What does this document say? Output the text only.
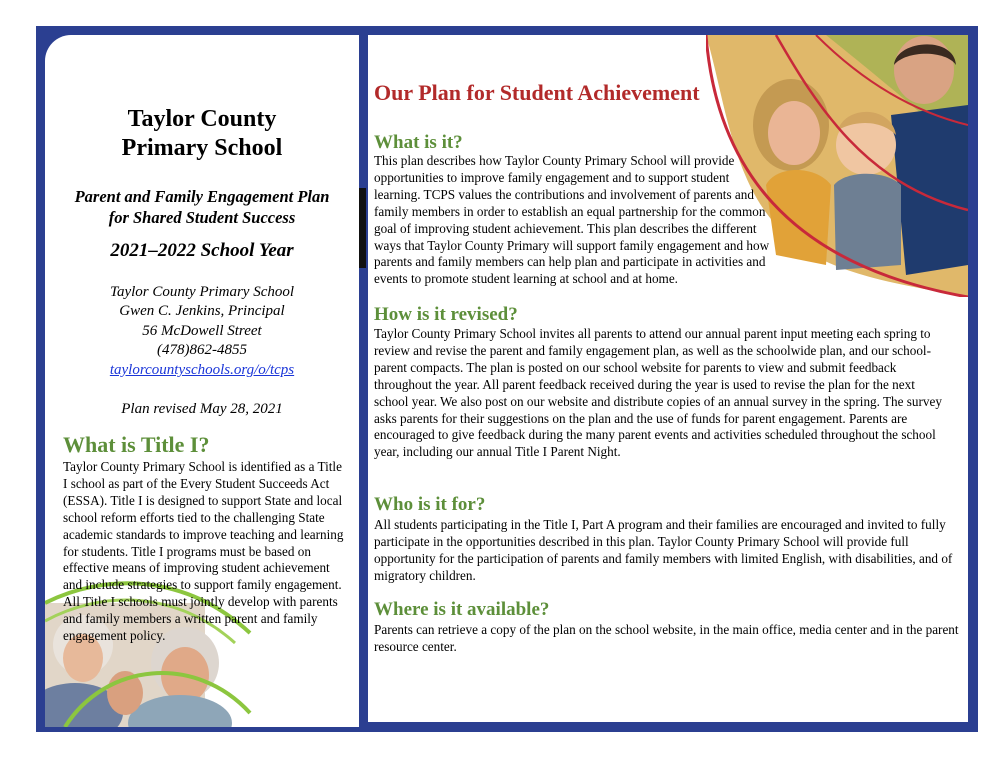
Taylor County
Primary School
Parent and Family Engagement Plan
for Shared Student Success
2021–2022 School Year
Taylor County Primary School
Gwen C. Jenkins, Principal
56 McDowell Street
(478)862-4855
taylorcountyschools.org/o/tcps
Plan revised May 28, 2021
What is Title I?
Taylor County Primary School is identified as a Title I school as part of the Every Student Succeeds Act (ESSA). Title I is designed to support State and local school reform efforts tied to the challenging State academic standards to improve teaching and learning for students. Title I programs must be based on effective means of improving student achievement and include strategies to support family engagement. All Title I schools must jointly develop with parents and family members a written parent and family engagement policy.
Our Plan for Student Achievement
What is it?
This plan describes how Taylor County Primary School will provide opportunities to improve family engagement and to support student learning. TCPS values the contributions and involvement of parents and family members in order to establish an equal partnership for the common goal of improving student achievement. This plan describes the different ways that Taylor County Primary will support family engagement and how parents and family members can help plan and participate in activities and events to promote student learning at school and at home.
How is it revised?
Taylor County Primary School invites all parents to attend our annual parent input meeting each spring to review and revise the parent and family engagement plan, as well as the schoolwide plan, and our school-parent compacts. The plan is posted on our school website for parents to view and submit feedback throughout the year. All parent feedback received during the year is used to revise the plan for the next school year. We also post on our website and distribute copies of an annual survey in the spring. The survey asks parents for their suggestions on the plan and the use of funds for parent engagement. Parents are encouraged to give feedback during the many parent events and activities scheduled throughout the school year, including our annual Title I Parent Night.
Who is it for?
All students participating in the Title I, Part A program and their families are encouraged and invited to fully participate in the opportunities described in this plan. Taylor County Primary School will provide full opportunity for the participation of parents and family members with limited English, with disabilities, and of migratory children.
Where is it available?
Parents can retrieve a copy of the plan on the school website, in the main office, media center and in the parent resource center.
